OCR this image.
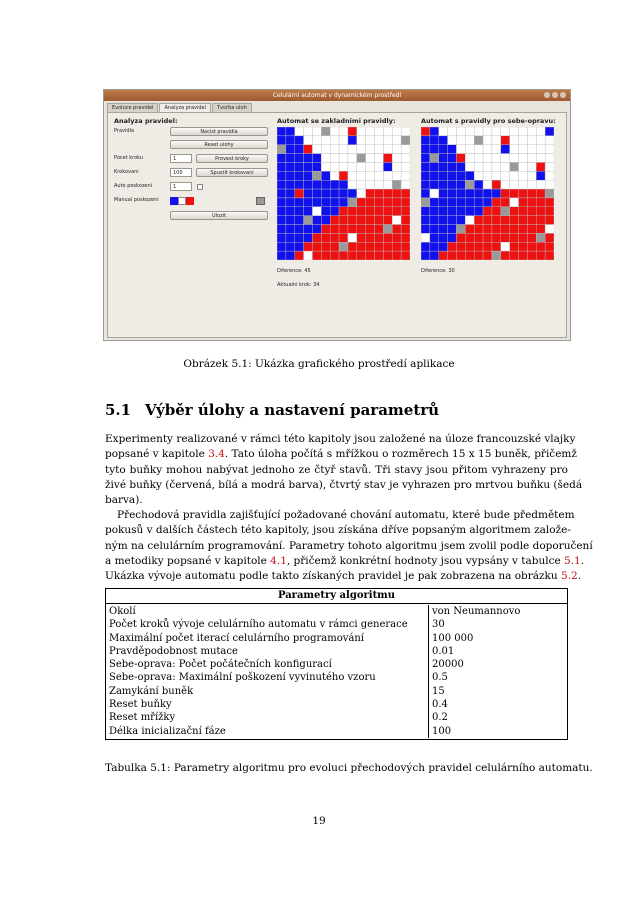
Celulární automat v dynamickém prostředí
Evoluce pravidel	Analyza pravidel	Tvorba uloh
Analyza pravidel:
Pravidla	Nacist pravidla
Reset ulohy
Pocet kroku	1	Provest kroky
Krokovani	100	Spustit krokovani
Auto poskozeni	1
Manual poskozeni
Ulozit
Automat se zakladnimi pravidly:
Diference: 45
Aktualni krok: 34
Automat s pravidly pro sebe-opravu:
Diference: 30
Obrázek 5.1: Ukázka grafického prostředí aplikace
5.1 Výběr úlohy a nastavení parametrů
Experimenty realizované v rámci této kapitoly jsou založené na úloze francouzské vlajky
popsané v kapitole 3.4. Tato úloha počítá s mřížkou o rozměrech 15 x 15 buněk, přičemž
tyto buňky mohou nabývat jednoho ze čtyř stavů. Tři stavy jsou přitom vyhrazeny pro
živé buňky (červená, bílá a modrá barva), čtvrtý stav je vyhrazen pro mrtvou buňku (šedá
barva).
Přechodová pravidla zajišťující požadované chování automatu, které bude předmětem
pokusů v dalších částech této kapitoly, jsou získána dříve popsaným algoritmem založe-
ným na celulárním programování. Parametry tohoto algoritmu jsem zvolil podle doporučení
a metodiky popsané v kapitole 4.1, přičemž konkrétní hodnoty jsou vypsány v tabulce 5.1.
Ukázka vývoje automatu podle takto získaných pravidel je pak zobrazena na obrázku 5.2.
Parametry algoritmu
Okolí	von Neumannovo
Počet kroků vývoje celulárního automatu v rámci generace	30
Maximální počet iterací celulárního programování	100 000
Pravděpodobnost mutace	0.01
Sebe-oprava: Počet počátečních konfigurací	20000
Sebe-oprava: Maximální poškození vyvinutého vzoru	0.5
Zamykání buněk	15
Reset buňky	0.4
Reset mřížky	0.2
Délka inicializační fáze	100
Tabulka 5.1: Parametry algoritmu pro evoluci přechodových pravidel celulárního automatu.
19
